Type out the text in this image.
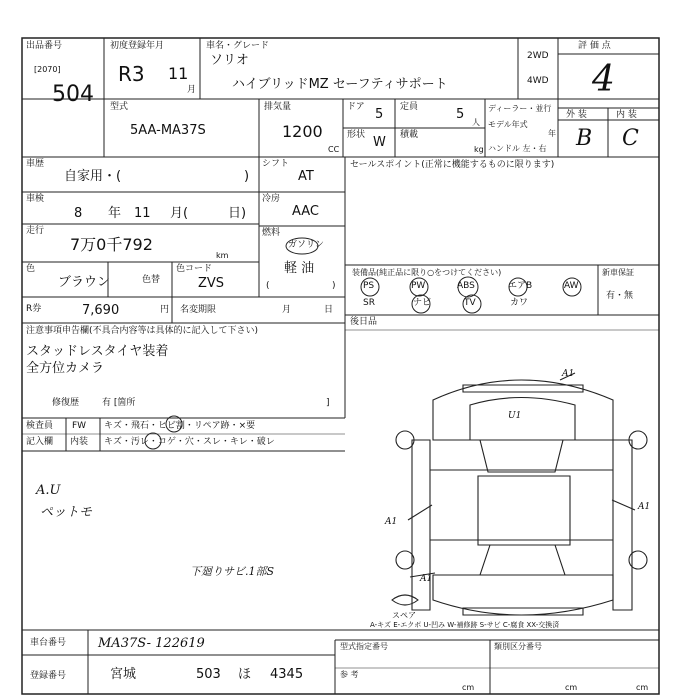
出品番号
[2070]
504
初度登録年月
R3 11
月
車名・グレード
ソリオ
ハイブリッドMZ セーフティサポート
2WD
4WD
評 価 点
4
外 装	内 装
B C
型式
5AA-MA37S
排気量
1200
CC
ドア 5 定員	5
人
形状 W 積載
kg
ディーラー・並行
モデル年式
年
ハンドル 左・右
車歴
自家用・(	)
車検
8 年 11 月(	日)
走行
7万0千792
km
色
ブラウン	色替
色コード
ZVS
R券	7,690	円 名変期限	月	日
注意事項申告欄(不具合内容等は具体的に記入して下さい)
スタッドレスタイヤ装着
全方位カメラ
修復歴	有 [箇所	]
シフト
AT
冷房
AAC
燃料
ガソリン
軽 油
(	)
セールスポイント(正常に機能するものに限ります)
装備品(純正品に限り○をつけてください)
PS	PW	ABS	エアB	AW
SR	ナビ	TV	カワ
新車保証
有・無
後日品
検査員
記入欄
FW キズ・飛石・ヒビ割・リペア跡・×要
内装 キズ・汚レ・コゲ・穴・スレ・キレ・破レ
A.U
ペットモ
下廻りサビ.1部S
A1
U1
A1
A1
A1
スペア
A-キズ E-エクボ U-凹み W-補修跡 S-サビ C-腐食 XX-交換済
車台番号 MA37S- 122619
登録番号	宮城	503 ほ 4345
型式指定番号	類別区分番号
参 考
cm	cm	cm
